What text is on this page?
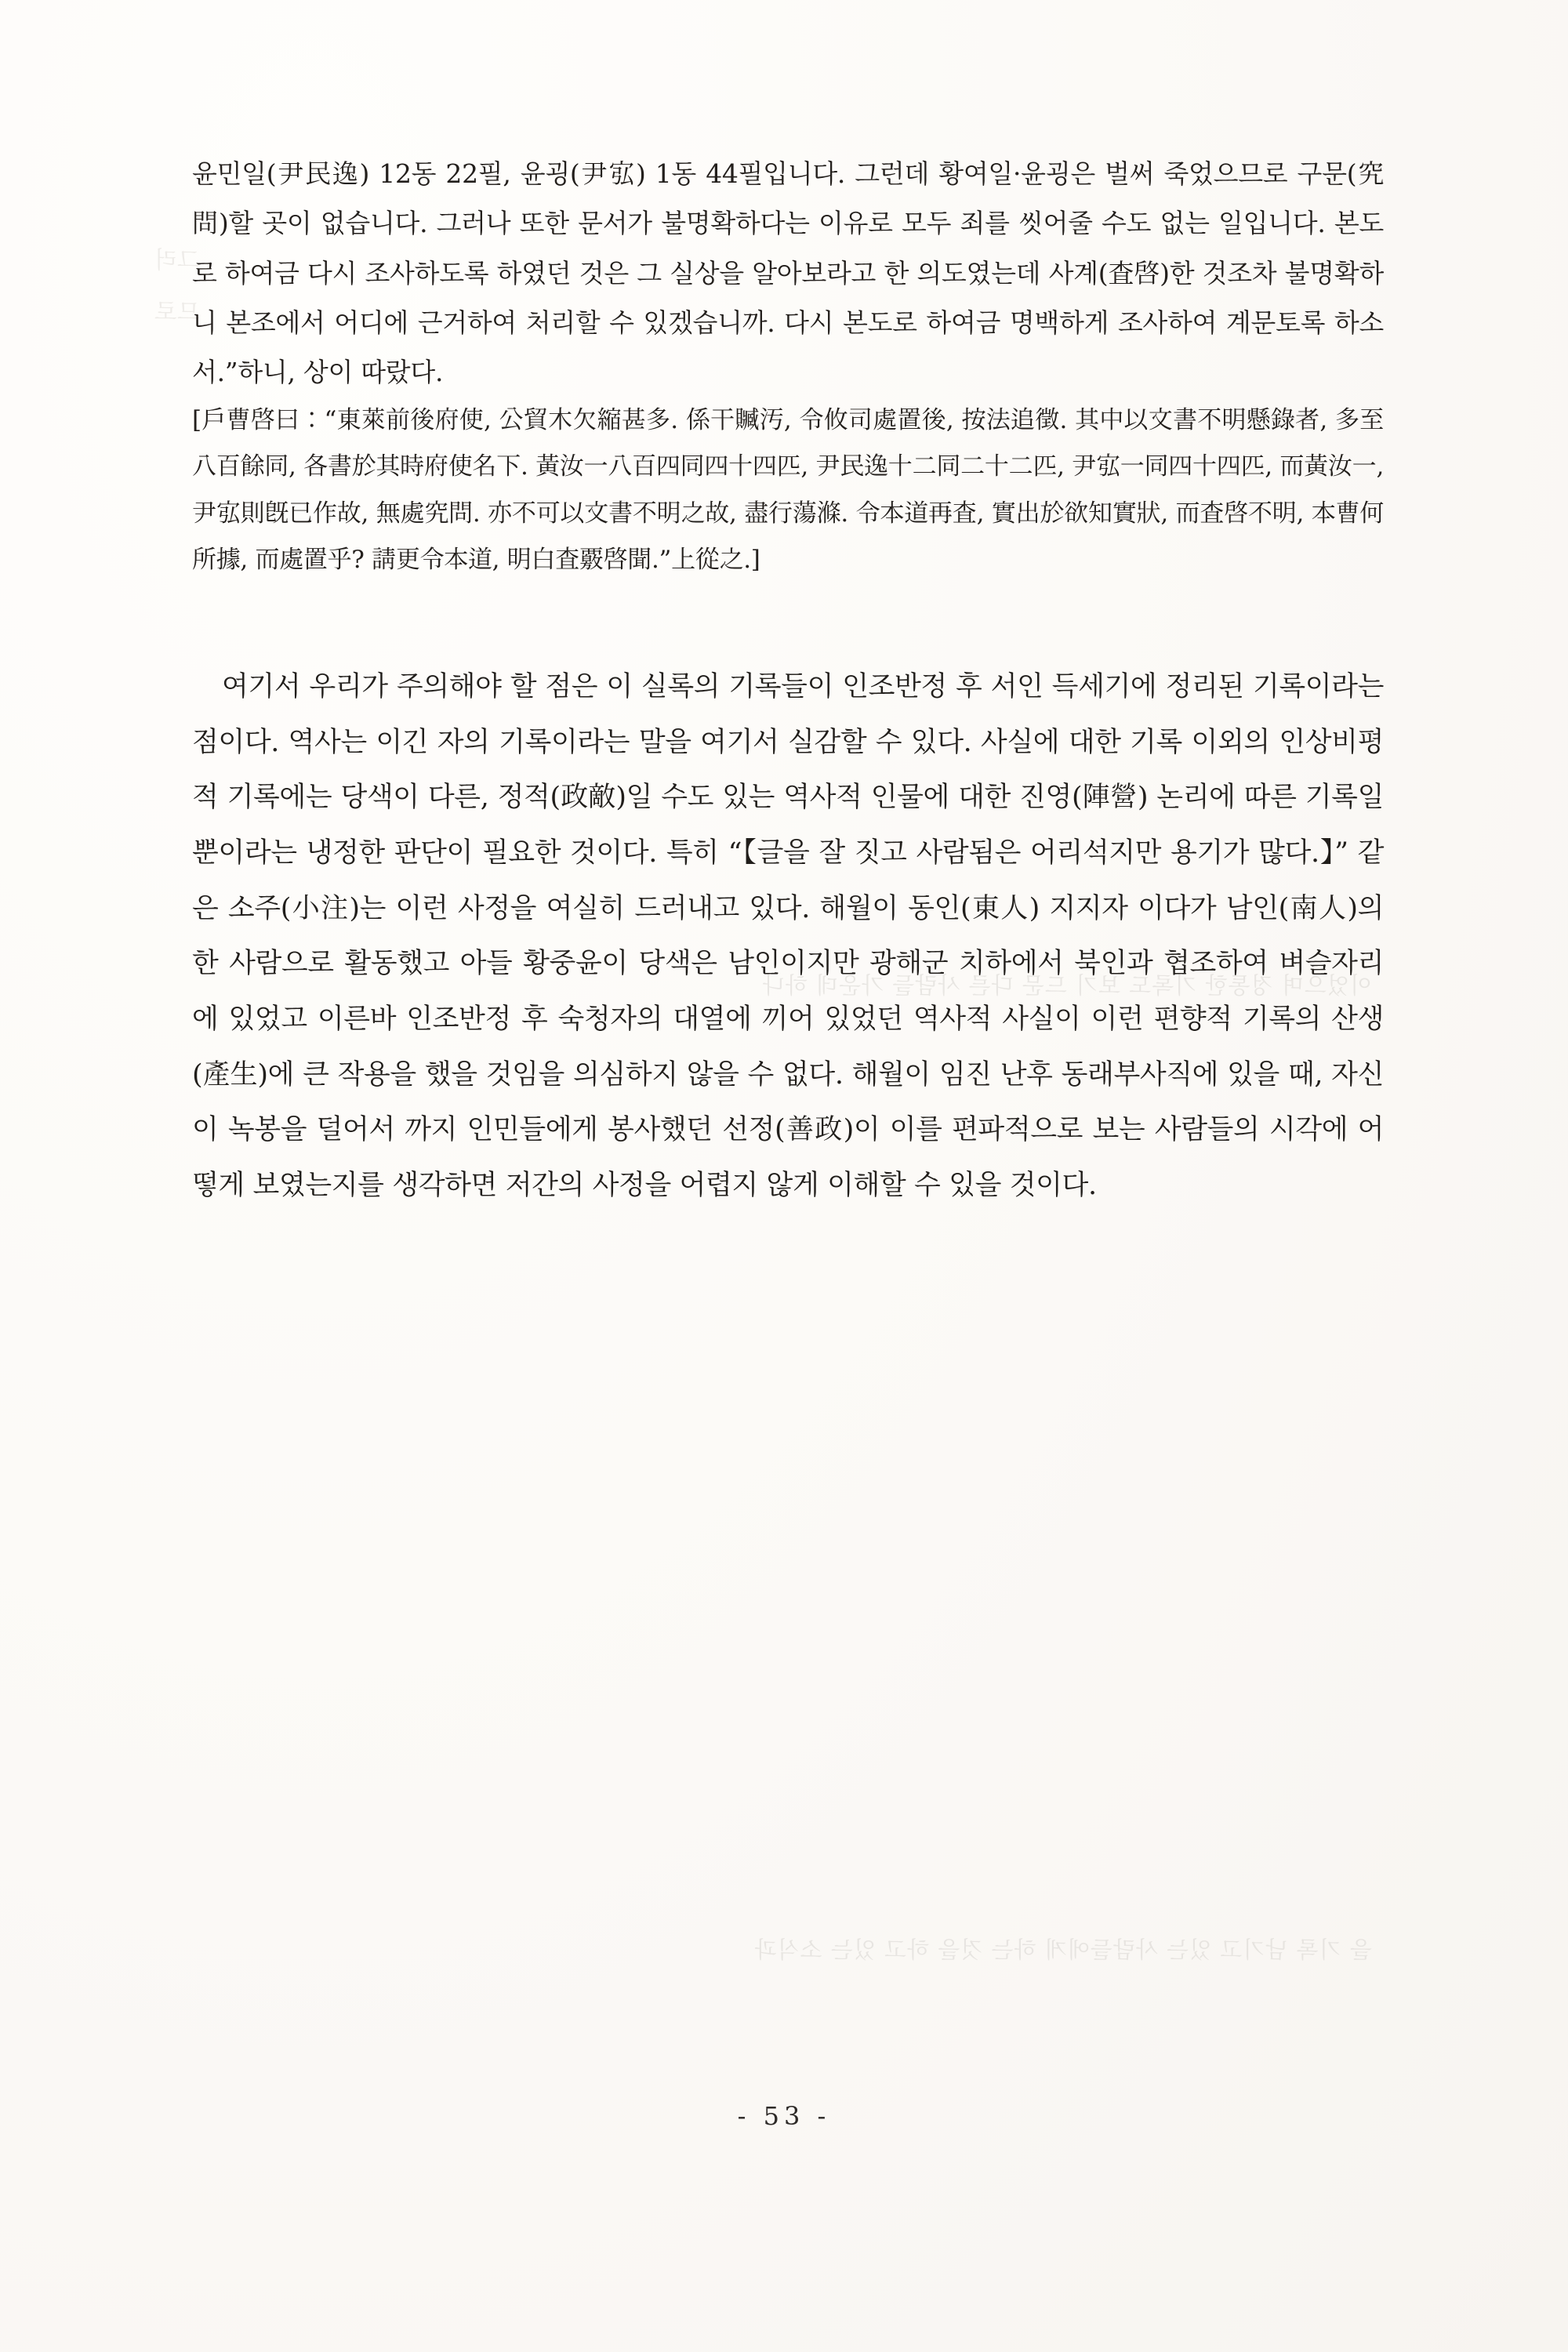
그러므로

윤민일(尹民逸) 12동 22필, 윤굉(尹宖) 1동 44필입니다. 그런데 황여일·윤굉은 벌써 죽었으므로 구문(究問)할 곳이 없습니다. 그러나 또한 문서가 불명확하다는 이유로 모두 죄를 씻어줄 수도 없는 일입니다. 본도로 하여금 다시 조사하도록 하였던 것은 그 실상을 알아보라고 한 의도였는데 사계(査啓)한 것조차 불명확하니 본조에서 어디에 근거하여 처리할 수 있겠습니까. 다시 본도로 하여금 명백하게 조사하여 계문토록 하소서.”하니, 상이 따랐다.

[戶曹啓曰：“東萊前後府使, 公貿木欠縮甚多. 係干贓汚, 令攸司處置後, 按法追徵. 其中以文書不明懸錄者, 多至八百餘同, 各書於其時府使名下. 黃汝一八百四同四十四匹, 尹民逸十二同二十二匹, 尹宖一同四十四匹, 而黃汝一, 尹宖則旣已作故, 無處究問. 亦不可以文書不明之故, 盡行蕩滌. 令本道再査, 實出於欲知實狀, 而査啓不明, 本曹何所據, 而處置乎? 請更令本道, 明白査覈啓聞.”上從之.]

여기서 우리가 주의해야 할 점은 이 실록의 기록들이 인조반정 후 서인 득세기에 정리된 기록이라는 점이다. 역사는 이긴 자의 기록이라는 말을 여기서 실감할 수 있다. 사실에 대한 기록 이외의 인상비평적 기록에는 당색이 다른, 정적(政敵)일 수도 있는 역사적 인물에 대한 진영(陣營) 논리에 따른 기록일 뿐이라는 냉정한 판단이 필요한 것이다. 특히 “【글을 잘 짓고 사람됨은 어리석지만 용기가 많다.】” 같은 소주(小注)는 이런 사정을 여실히 드러내고 있다. 해월이 동인(東人) 지지자 이다가 남인(南人)의 한 사람으로 활동했고 아들 황중윤이 당색은 남인이지만 광해군 치하에서 북인과 협조하여 벼슬자리에 있었고 이른바 인조반정 후 숙청자의 대열에 끼어 있었던 역사적 사실이 이런 편향적 기록의 산생(產生)에 큰 작용을 했을 것임을 의심하지 않을 수 없다. 해월이 임진 난후 동래부사직에 있을 때, 자신이 녹봉을 덜어서 까지 인민들에게 봉사했던 선정(善政)이 이를 편파적으로 보는 사람들의 시각에 어떻게 보였는지를 생각하면 저간의 사정을 어렵지 않게 이해할 수 있을 것이다.

이었으며 정통한 기록도 보기 드문 다른 사람들 가운데 하나
을 기록 남기고 있는 사람들에게 하는 것을 하고 있는 소식과
- 53 -
